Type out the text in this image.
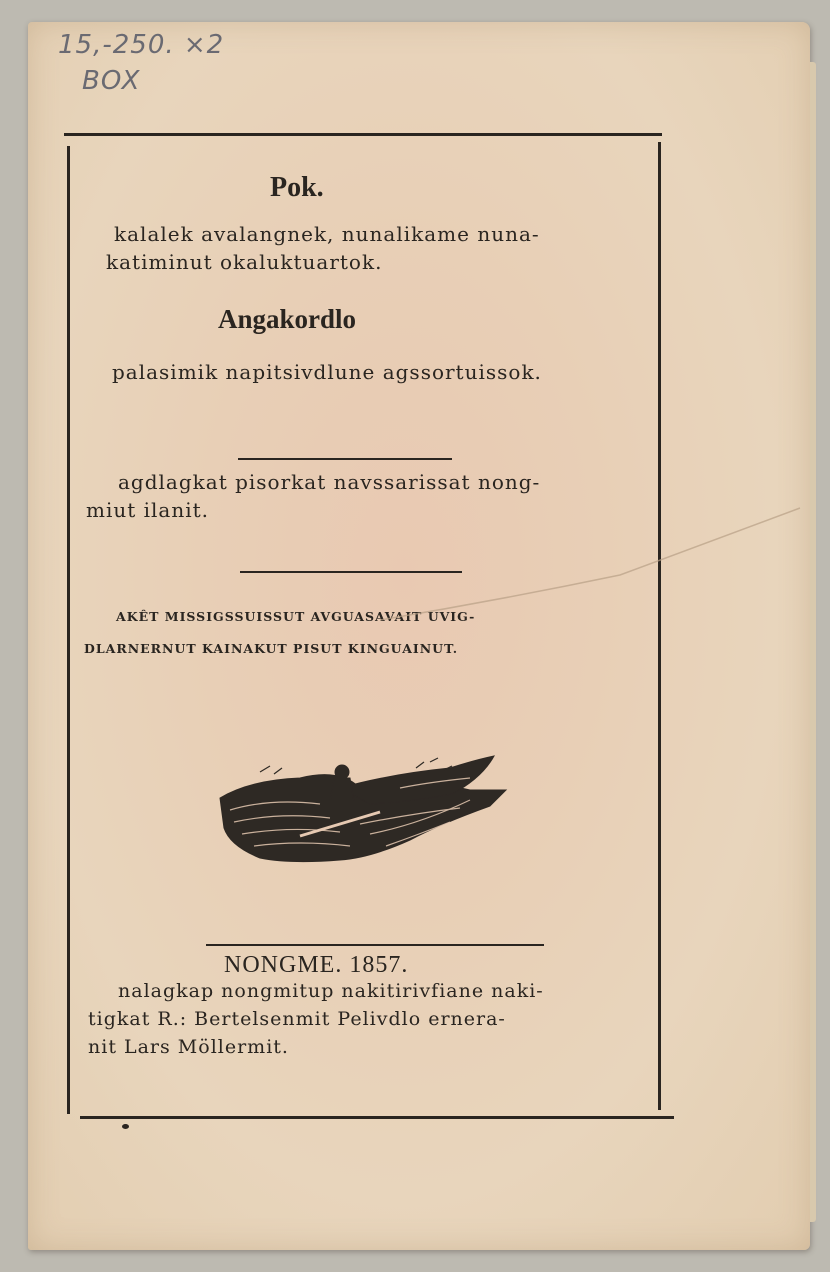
15,-250. ×2
BOX
Pok.
kalalek avalangnek, nunalikame nuna-
katiminut okaluktuartok.
Angakordlo
palasimik napitsivdlune agssortuissok.
agdlagkat pisorkat navssarissat nong-
miut ilanit.
AKÊT MISSIGSSUISSUT AVGUASAVAIT UVIG-
DLARNERNUT KAINAKUT PISUT KINGUAINUT.
NONGME. 1857.
nalagkap nongmitup nakitirivfiane naki-
tigkat R.: Bertelsenmit Pelivdlo ernera-
nit Lars Möllermit.
